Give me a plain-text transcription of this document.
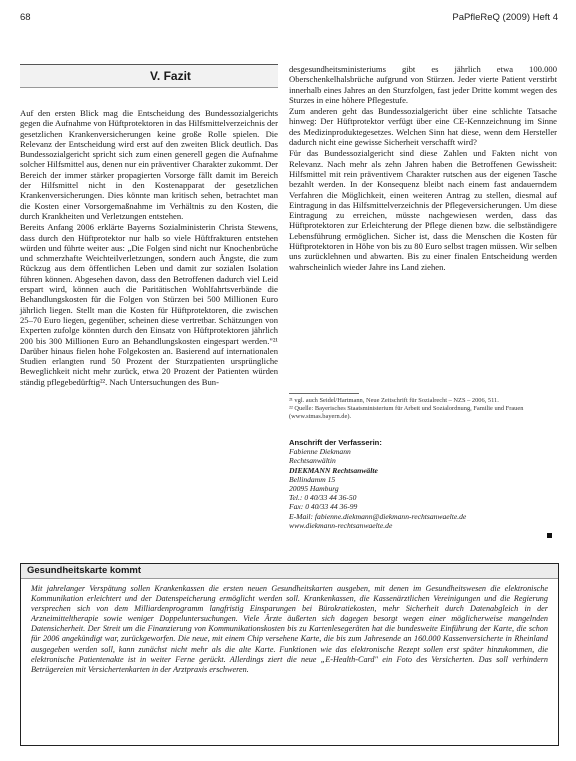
68	PaPfleReQ (2009) Heft 4
V. Fazit

Auf den ersten Blick mag die Entscheidung des Bundessozialgerichts gegen die Aufnahme von Hüftprotektoren in das Hilfsmittelverzeichnis der gesetzlichen Krankenversicherungen keine große Rolle spielen. Die Relevanz der Entscheidung wird erst auf den zweiten Blick deutlich. Das Bundessozialgericht spricht sich zum einen generell gegen die Aufnahme solcher Hilfsmittel aus, denen nur ein präventiver Charakter zukommt. Der Bereich der immer stärker propagierten Vorsorge fällt damit im Bereich der Hilfsmittel nicht in den Kostenapparat der gesetzlichen Krankenversicherungen. Dies könnte man kritisch sehen, betrachtet man die Kosten einer Vorsorgemaßnahme im Verhältnis zu den Kosten, die durch Krankheiten und Verletzungen entstehen.

Bereits Anfang 2006 erklärte Bayerns Sozialministerin Christa Stewens, dass durch den Hüftprotektor nur halb so viele Hüftfrakturen entstehen würden und führte weiter aus: „Die Folgen sind nicht nur Knochenbrüche und schmerzhafte Weichteilverletzungen, sondern auch Ängste, die zum Rückzug aus dem öffentlichen Leben und damit zur sozialen Isolation führen können. Abgesehen davon, dass den Betroffenen dadurch viel Leid erspart wird, können auch die Paritätischen Wohlfahrtsverbände die Behandlungskosten für die Folgen von Stürzen bei 500 Millionen Euro jährlich liegen. Stellt man die Kosten für Hüftprotektoren, die zwischen 25–70 Euro liegen, gegenüber, scheinen diese vertretbar. Schätzungen von Experten zufolge könnten durch den Einsatz von Hüftprotektoren jährlich 200 bis 300 Millionen Euro an Behandlungskosten eingespart werden."²¹ Darüber hinaus fielen hohe Folgekosten an. Basierend auf internationalen Studien erlangten rund 50 Prozent der Sturzpatienten ursprüngliche Beweglichkeit nicht mehr zurück, etwa 20 Prozent der Patienten würden ständig pflegebedürftig²². Nach Untersuchungen des Bun-

desgesundheitsministeriums gibt es jährlich etwa 100.000 Oberschenkelhalsbrüche aufgrund von Stürzen. Jeder vierte Patient verstirbt innerhalb eines Jahres an den Sturzfolgen, fast jeder Dritte kommt wegen des Sturzes in eine höhere Pflegestufe.

Zum anderen geht das Bundessozialgericht über eine schlichte Tatsache hinweg: Der Hüftprotektor verfügt über eine CE-Kennzeichnung im Sinne des Medizinproduktegesetzes. Welchen Sinn hat diese, wenn dem Hersteller dadurch nicht eine gewisse Sicherheit verschafft wird?

Für das Bundessozialgericht sind diese Zahlen und Fakten nicht von Relevanz. Nach mehr als zehn Jahren haben die Betroffenen Gewissheit: Hilfsmittel mit rein präventivem Charakter rutschen aus der eigenen Tasche bezahlt werden. In der Konsequenz bleibt nach einem fast andauerndem Verfahren die Möglichkeit, einen weiteren Antrag zu stellen, diesmal auf Eintragung in das Hilfsmittelverzeichnis der Pflegeversicherungen. Um diese Eintragung zu erreichen, müsste nachgewiesen werden, dass das Hüftprotektoren zur Erleichterung der Pflege dienen bzw. die selbständigere Lebensführung ermöglichen. Sicher ist, dass die Menschen die Kosten für Hüftprotektoren in Höhe von bis zu 80 Euro selbst tragen müssen. Wir selben uns zurücklehnen und abwarten. Bis zu einer finalen Entscheidung werden wahrscheinlich wieder Jahre ins Land ziehen.

²¹ vgl. auch Seidel/Hartmann, Neue Zeitschrift für Sozialrecht – NZS – 2006, 511.

²² Quelle: Bayerisches Staatsministerium für Arbeit und Sozialordnung, Familie und Frauen (www.stmas.bayern.de).

Anschrift der Verfasserin:
Fabienne Diekmann
Rechtsanwältin
DIEKMANN Rechtsanwälte
Bellindamm 15
20095 Hamburg
Tel.: 0 40/33 44 36-50
Fax: 0 40/33 44 36-99
E-Mail: fabienne.diekmann@diekmann-rechtsanwaelte.de
www.diekmann-rechtsanwaelte.de
Gesundheitskarte kommt
Mit jahrelanger Verspätung sollen Krankenkassen die ersten neuen Gesundheitskarten ausgeben, mit denen im Gesundheitswesen die elektronische Kommunikation erleichtert und der Datenspeicherung ermöglicht werden soll. Krankenkassen, die Kassenärztlichen Vereinigungen und die Regierung versprechen sich von dem Milliardenprogramm langfristig Einsparungen bei Bürokratiekosten, mehr Sicherheit durch Datenabgleich in der Arzneimitteltherapie sowie weniger Doppeluntersuchungen. Viele Ärzte äußerten sich dagegen besorgt wegen einer möglicherweise mangelnden Datensicherheit. Der Streit um die Finanzierung von Kommunikationskosten bis zu Kartenlesegeräten hat die bundesweite Einführung der Karte, die schon für 2006 angekündigt war, zurückgeworfen. Die neue, mit einem Chip versehene Karte, die bis zum Jahresende an 160.000 Kassenversicherte in Rheinland ausgegeben werden soll, kann zunächst nicht mehr als die alte Karte. Funktionen wie das elektronische Rezept sollen erst später hinzukommen, die elektronische Patientenakte ist in weiter Ferne gerückt. Allerdings ziert die neue „E-Health-Card" ein Foto des Versicherten. Das soll verhindern Betrügereien mit Versichertenkarten in der Arztpraxis erschweren.
